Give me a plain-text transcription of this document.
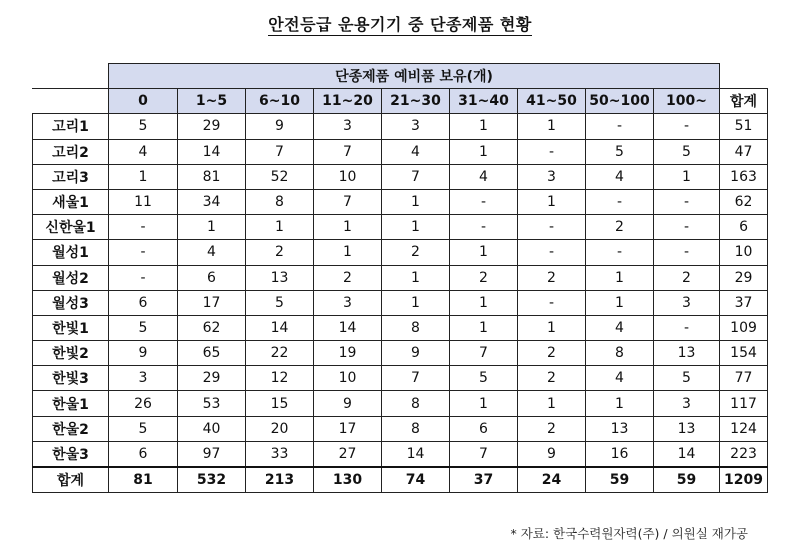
안전등급 운용기기 중 단종제품 현황
	단종제품 예비품 보유(개)									
	0	1~5	6~10	11~20	21~30	31~40	41~50	50~100	100~	합계
고리1	5	29	9	3	3	1	1	-	-	51
고리2	4	14	7	7	4	1	-	5	5	47
고리3	1	81	52	10	7	4	3	4	1	163
새울1	11	34	8	7	1	-	1	-	-	62
신한울1	-	1	1	1	1	-	-	2	-	6
월성1	-	4	2	1	2	1	-	-	-	10
월성2	-	6	13	2	1	2	2	1	2	29
월성3	6	17	5	3	1	1	-	1	3	37
한빛1	5	62	14	14	8	1	1	4	-	109
한빛2	9	65	22	19	9	7	2	8	13	154
한빛3	3	29	12	10	7	5	2	4	5	77
한울1	26	53	15	9	8	1	1	1	3	117
한울2	5	40	20	17	8	6	2	13	13	124
한울3	6	97	33	27	14	7	9	16	14	223
합계	81	532	213	130	74	37	24	59	59	1209
* 자료: 한국수력원자력(주) / 의원실 재가공
